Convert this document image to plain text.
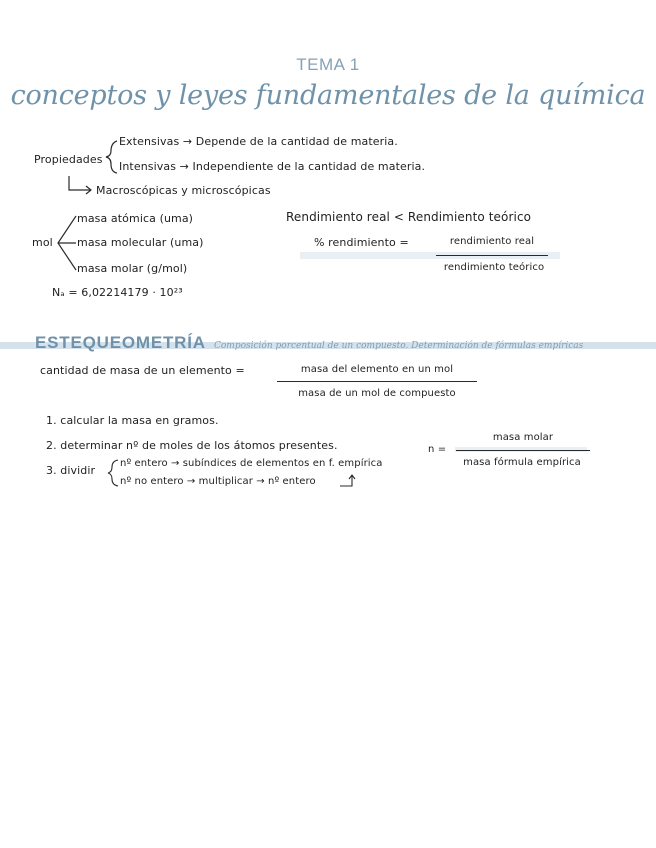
TEMA 1
conceptos y leyes fundamentales de la química
Propiedades
Extensivas → Depende de la cantidad de materia.
Intensivas → Independiente de la cantidad de materia.
Macroscópicas y microscópicas
mol
masa atómica (uma)
masa molecular (uma)
masa molar (g/mol)
Nₐ = 6,02214179 · 10²³
Rendimiento real < Rendimiento teórico
% rendimiento =	rendimiento real
rendimiento teórico
ESTEQUEOMETRÍA Composición porcentual de un compuesto. Determinación de fórmulas empíricas
cantidad de masa de un elemento =	masa del elemento en un mol
masa de un mol de compuesto
1. calcular la masa en gramos.
2. determinar nº de moles de los átomos presentes.
3. dividir
nº entero → subíndices de elementos en f. empírica
nº no entero → multiplicar → nº entero
n =
masa molar
masa fórmula empírica
